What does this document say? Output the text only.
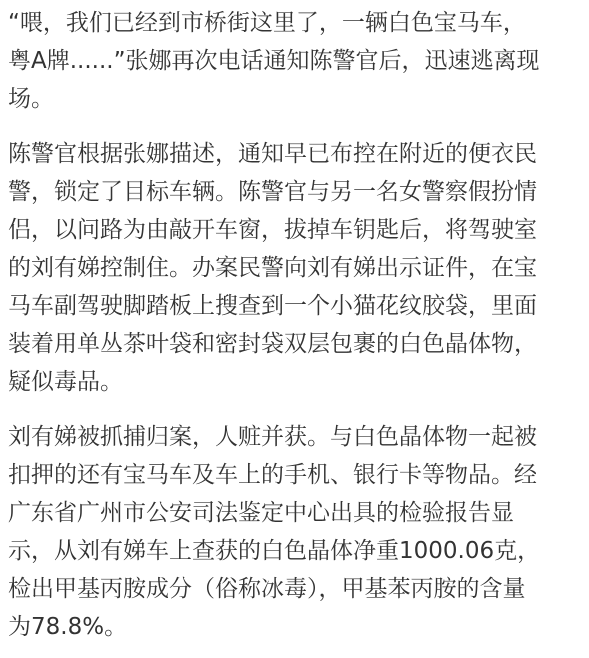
“喂，我们已经到市桥街这里了，一辆白色宝马车，
粤A牌......”张娜再次电话通知陈警官后，迅速逃离现
场。

陈警官根据张娜描述，通知早已布控在附近的便衣民
警，锁定了目标车辆。陈警官与另一名女警察假扮情
侣，以问路为由敲开车窗，拔掉车钥匙后，将驾驶室
的刘有娣控制住。办案民警向刘有娣出示证件，在宝
马车副驾驶脚踏板上搜查到一个小猫花纹胶袋，里面
装着用单丛茶叶袋和密封袋双层包裹的白色晶体物，
疑似毒品。

刘有娣被抓捕归案，人赃并获。与白色晶体物一起被
扣押的还有宝马车及车上的手机、银行卡等物品。经
广东省广州市公安司法鉴定中心出具的检验报告显
示，从刘有娣车上查获的白色晶体净重1000.06克，
检出甲基丙胺成分（俗称冰毒），甲基苯丙胺的含量
为78.8%。
